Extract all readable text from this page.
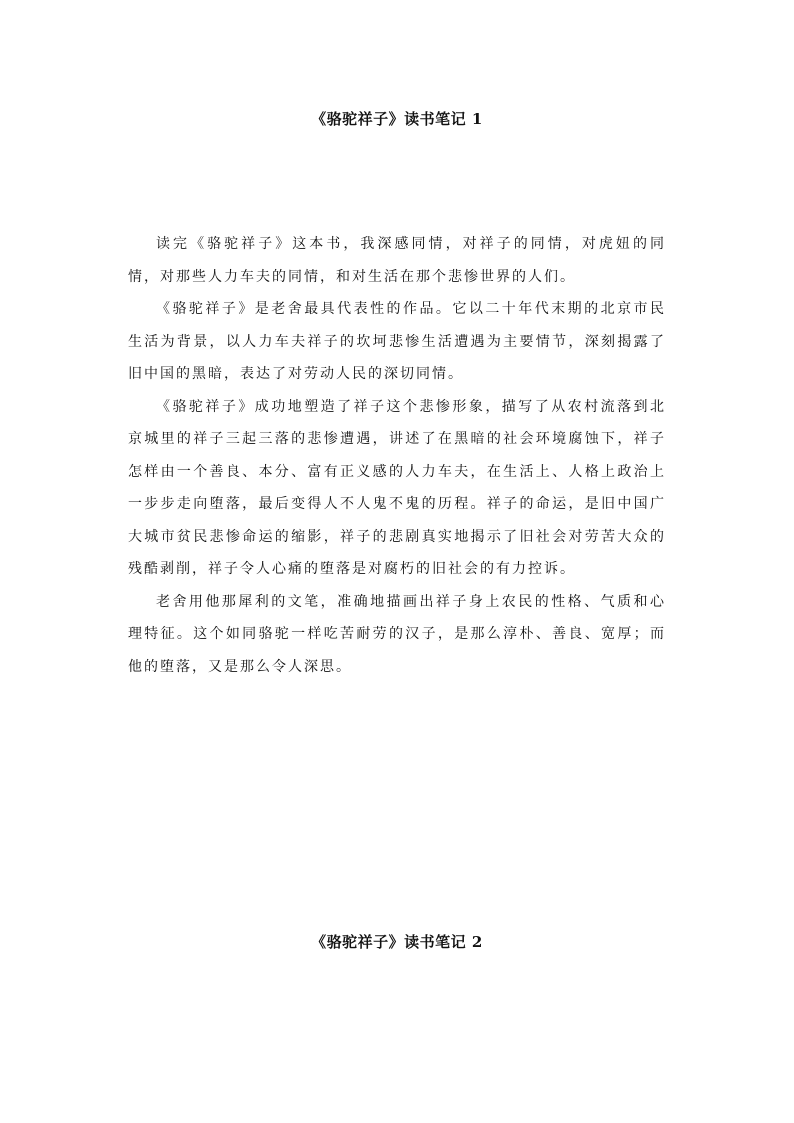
《骆驼祥子》读书笔记 1

读完《骆驼祥子》这本书，我深感同情，对祥子的同情，对虎妞的同情，对那些人力车夫的同情，和对生活在那个悲惨世界的人们。

《骆驼祥子》是老舍最具代表性的作品。它以二十年代末期的北京市民生活为背景，以人力车夫祥子的坎坷悲惨生活遭遇为主要情节，深刻揭露了旧中国的黑暗，表达了对劳动人民的深切同情。

《骆驼祥子》成功地塑造了祥子这个悲惨形象，描写了从农村流落到北京城里的祥子三起三落的悲惨遭遇，讲述了在黑暗的社会环境腐蚀下，祥子怎样由一个善良、本分、富有正义感的人力车夫，在生活上、人格上政治上一步步走向堕落，最后变得人不人鬼不鬼的历程。祥子的命运，是旧中国广大城市贫民悲惨命运的缩影，祥子的悲剧真实地揭示了旧社会对劳苦大众的残酷剥削，祥子令人心痛的堕落是对腐朽的旧社会的有力控诉。

老舍用他那犀利的文笔，准确地描画出祥子身上农民的性格、气质和心理特征。这个如同骆驼一样吃苦耐劳的汉子，是那么淳朴、善良、宽厚；而他的堕落，又是那么令人深思。

《骆驼祥子》读书笔记 2
